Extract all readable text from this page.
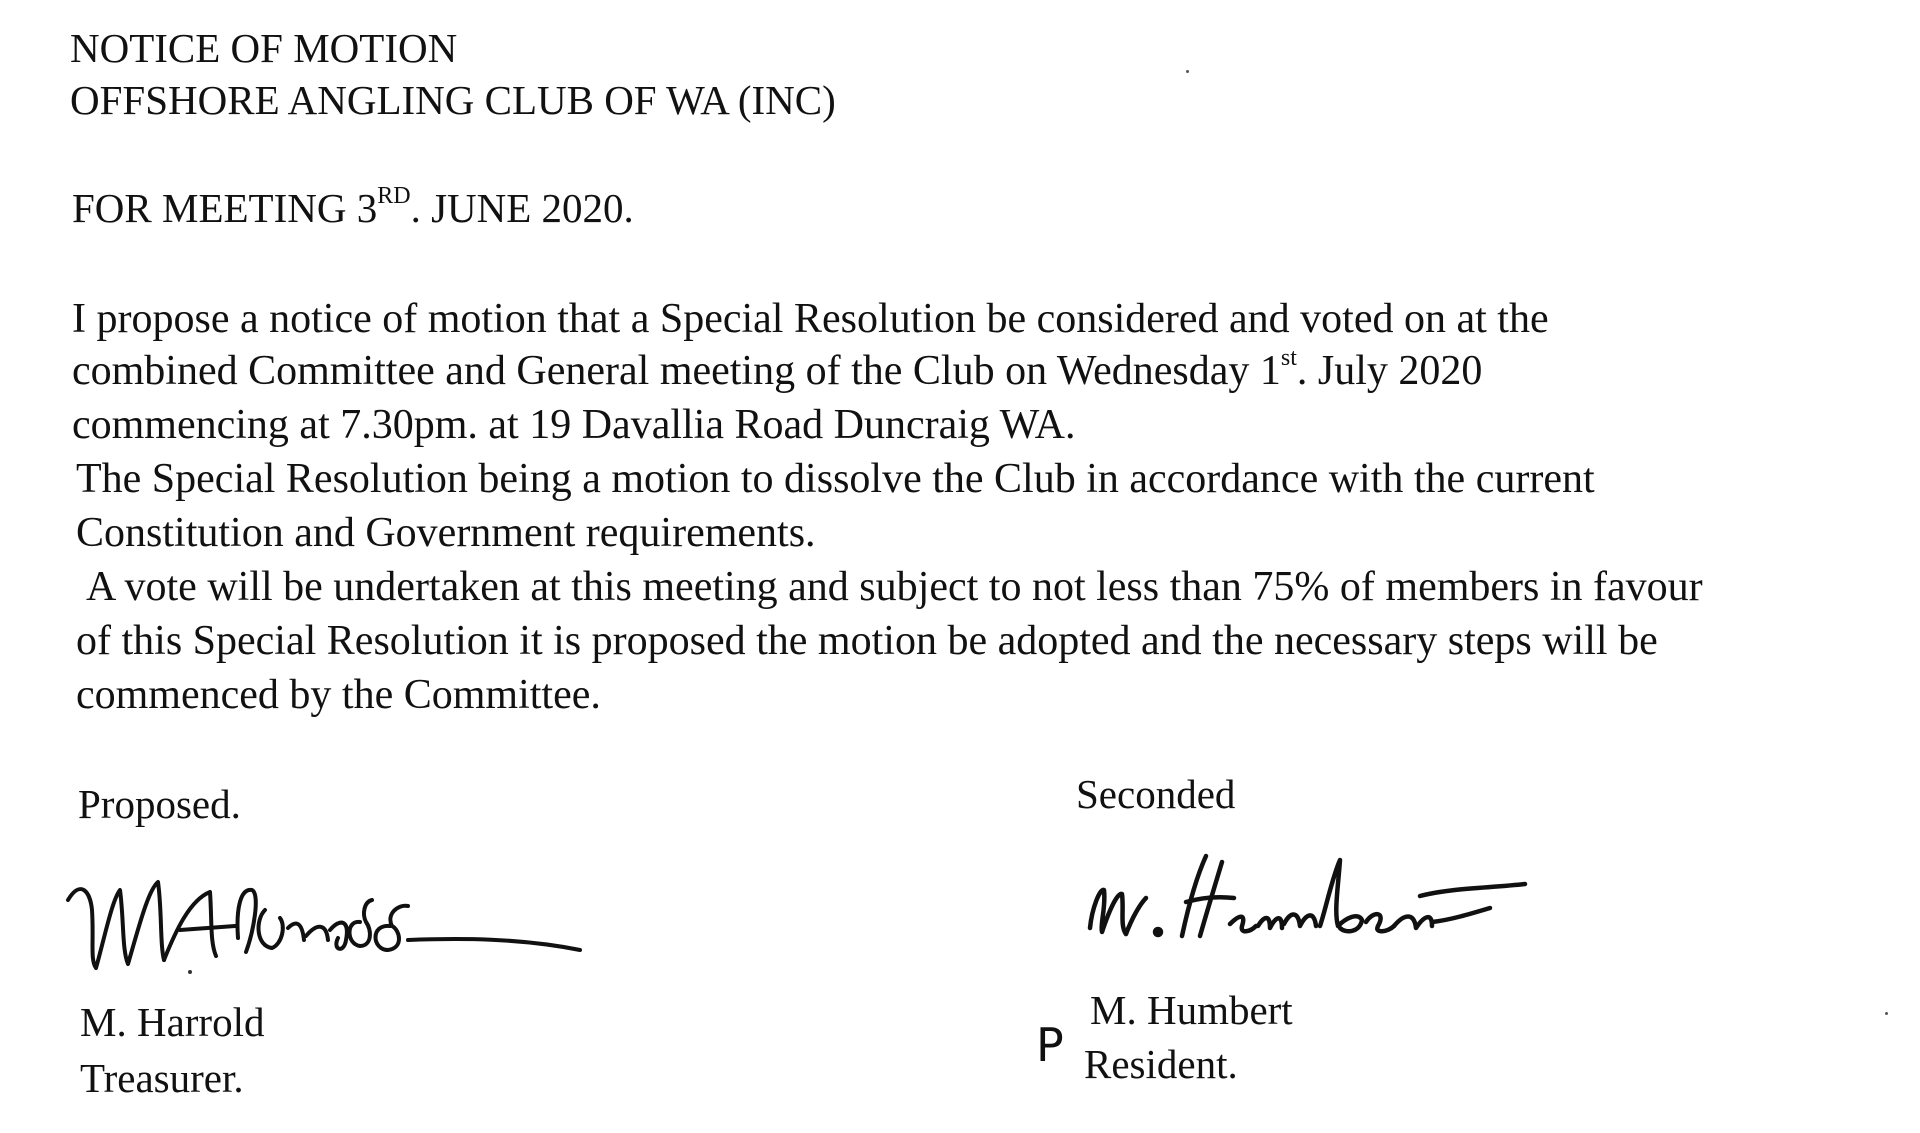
NOTICE OF MOTION
OFFSHORE ANGLING CLUB OF WA (INC)
FOR MEETING 3RD. JUNE 2020.
I propose a notice of motion that a Special Resolution be considered and voted on at the
combined Committee and General meeting of the Club on Wednesday 1st. July 2020
commencing at 7.30pm. at 19 Davallia Road Duncraig WA.
The Special Resolution being a motion to dissolve the Club in accordance with the current
Constitution and Government requirements.
A vote will be undertaken at this meeting and subject to not less than 75% of members in favour
of this Special Resolution it is proposed the motion be adopted and the necessary steps will be
commenced by the Committee.
Proposed.
M. Harrold
Treasurer.
Seconded
M. Humbert
P Resident.
